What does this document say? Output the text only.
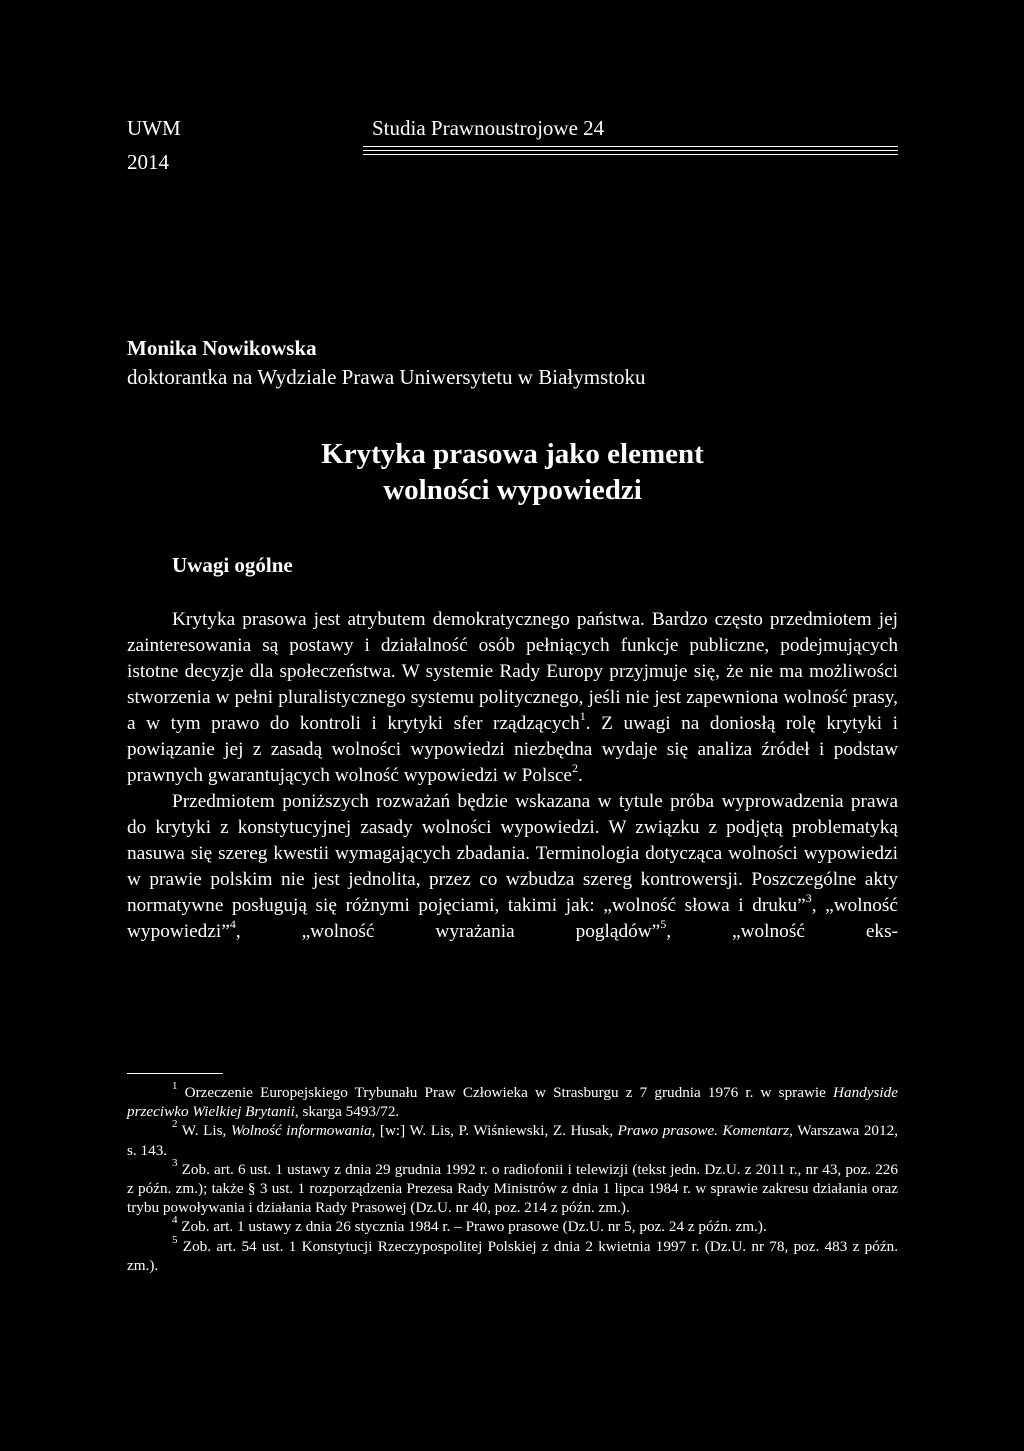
UWM	Studia Prawnoustrojowe 24
2014
Monika Nowikowska
doktorantka na Wydziale Prawa Uniwersytetu w Białymstoku
Krytyka prasowa jako element
wolności wypowiedzi
Uwagi ogólne

Krytyka prasowa jest atrybutem demokratycznego państwa. Bardzo często przedmiotem jej zainteresowania są postawy i działalność osób pełniących funkcje publiczne, podejmujących istotne decyzje dla społeczeństwa. W systemie Rady Europy przyjmuje się, że nie ma możliwości stworzenia w pełni pluralistycznego systemu politycznego, jeśli nie jest zapewniona wolność prasy, a w tym prawo do kontroli i krytyki sfer rządzących$^1$. Z uwagi na doniosłą rolę krytyki i powiązanie jej z zasadą wolności wypowiedzi niezbędna wydaje się analiza źródeł i podstaw prawnych gwarantujących wolność wypowiedzi w Polsce$^2$.

Przedmiotem poniższych rozważań będzie wskazana w tytule próba wyprowadzenia prawa do krytyki z konstytucyjnej zasady wolności wypowiedzi. W związku z podjętą problematyką nasuwa się szereg kwestii wymagających zbadania. Terminologia dotycząca wolności wypowiedzi w prawie polskim nie jest jednolita, przez co wzbudza szereg kontrowersji. Poszczególne akty normatywne posługują się różnymi pojęciami, takimi jak: „wolność słowa i druku”$^3$, „wolność wypowiedzi”$^4$, „wolność wyrażania poglądów”$^5$, „wolność eks-

$^1$ Orzeczenie Europejskiego Trybunału Praw Człowieka w Strasburgu z 7 grudnia 1976 r. w sprawie Handyside przeciwko Wielkiej Brytanii, skarga 5493/72.

$^2$ W. Lis, Wolność informowania, [w:] W. Lis, P. Wiśniewski, Z. Husak, Prawo prasowe. Komentarz, Warszawa 2012, s. 143.

$^3$ Zob. art. 6 ust. 1 ustawy z dnia 29 grudnia 1992 r. o radiofonii i telewizji (tekst jedn. Dz.U. z 2011 r., nr 43, poz. 226 z późn. zm.); także § 3 ust. 1 rozporządzenia Prezesa Rady Ministrów z dnia 1 lipca 1984 r. w sprawie zakresu działania oraz trybu powoływania i działania Rady Prasowej (Dz.U. nr 40, poz. 214 z późn. zm.).

$^4$ Zob. art. 1 ustawy z dnia 26 stycznia 1984 r. – Prawo prasowe (Dz.U. nr 5, poz. 24 z późn. zm.).

$^5$ Zob. art. 54 ust. 1 Konstytucji Rzeczypospolitej Polskiej z dnia 2 kwietnia 1997 r. (Dz.U. nr 78, poz. 483 z późn. zm.).
